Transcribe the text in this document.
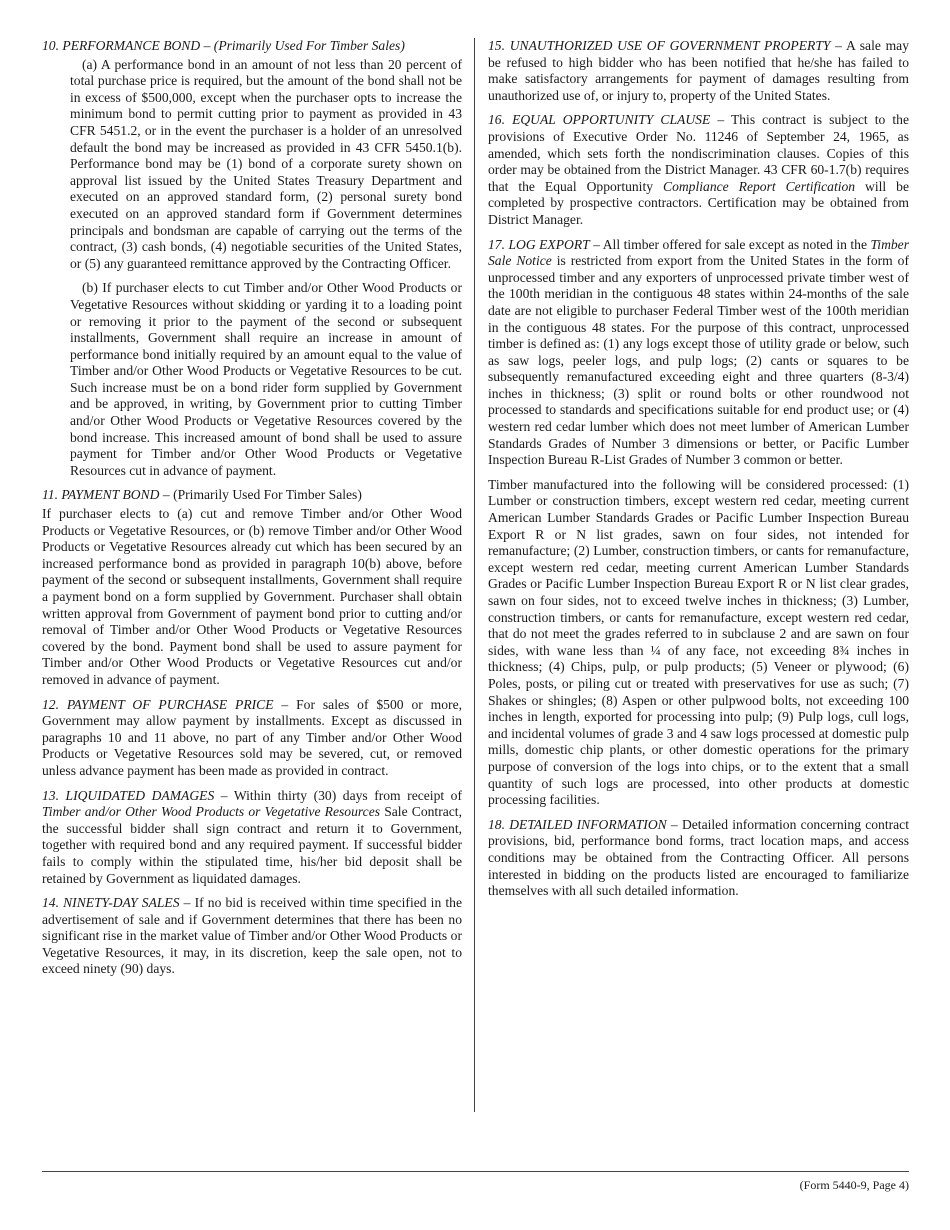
10. PERFORMANCE BOND – (Primarily Used For Timber Sales)

(a) A performance bond in an amount of not less than 20 percent of total purchase price is required, but the amount of the bond shall not be in excess of $500,000, except when the purchaser opts to increase the minimum bond to permit cutting prior to payment as provided in 43 CFR 5451.2, or in the event the purchaser is a holder of an unresolved default the bond may be increased as provided in 43 CFR 5450.1(b). Performance bond may be (1) bond of a corporate surety shown on approval list issued by the United States Treasury Department and executed on an approved standard form, (2) personal surety bond executed on an approved standard form if Government determines principals and bondsman are capable of carrying out the terms of the contract, (3) cash bonds, (4) negotiable securities of the United States, or (5) any guaranteed remittance approved by the Contracting Officer.

(b) If purchaser elects to cut Timber and/or Other Wood Products or Vegetative Resources without skidding or yarding it to a loading point or removing it prior to the payment of the second or subsequent installments, Government shall require an increase in amount of performance bond initially required by an amount equal to the value of Timber and/or Other Wood Products or Vegetative Resources to be cut. Such increase must be on a bond rider form supplied by Government and be approved, in writing, by Government prior to cutting Timber and/or Other Wood Products or Vegetative Resources covered by the bond increase. This increased amount of bond shall be used to assure payment for Timber and/or Other Wood Products or Vegetative Resources cut in advance of payment.

11. PAYMENT BOND – (Primarily Used For Timber Sales)

If purchaser elects to (a) cut and remove Timber and/or Other Wood Products or Vegetative Resources, or (b) remove Timber and/or Other Wood Products or Vegetative Resources already cut which has been secured by an increased performance bond as provided in paragraph 10(b) above, before payment of the second or subsequent installments, Government shall require a payment bond on a form supplied by Government. Purchaser shall obtain written approval from Government of payment bond prior to cutting and/or removal of Timber and/or Other Wood Products or Vegetative Resources covered by the bond. Payment bond shall be used to assure payment for Timber and/or Other Wood Products or Vegetative Resources cut and/or removed in advance of payment.

12. PAYMENT OF PURCHASE PRICE – For sales of $500 or more, Government may allow payment by installments. Except as discussed in paragraphs 10 and 11 above, no part of any Timber and/or Other Wood Products or Vegetative Resources sold may be severed, cut, or removed unless advance payment has been made as provided in contract.

13. LIQUIDATED DAMAGES – Within thirty (30) days from receipt of Timber and/or Other Wood Products or Vegetative Resources Sale Contract, the successful bidder shall sign contract and return it to Government, together with required bond and any required payment. If successful bidder fails to comply within the stipulated time, his/her bid deposit shall be retained by Government as liquidated damages.

14. NINETY-DAY SALES – If no bid is received within time specified in the advertisement of sale and if Government determines that there has been no significant rise in the market value of Timber and/or Other Wood Products or Vegetative Resources, it may, in its discretion, keep the sale open, not to exceed ninety (90) days.

15. UNAUTHORIZED USE OF GOVERNMENT PROPERTY – A sale may be refused to high bidder who has been notified that he/she has failed to make satisfactory arrangements for payment of damages resulting from unauthorized use of, or injury to, property of the United States.

16. EQUAL OPPORTUNITY CLAUSE – This contract is subject to the provisions of Executive Order No. 11246 of September 24, 1965, as amended, which sets forth the nondiscrimination clauses. Copies of this order may be obtained from the District Manager. 43 CFR 60-1.7(b) requires that the Equal Opportunity Compliance Report Certification will be completed by prospective contractors. Certification may be obtained from District Manager.

17. LOG EXPORT – All timber offered for sale except as noted in the Timber Sale Notice is restricted from export from the United States in the form of unprocessed timber and any exporters of unprocessed private timber west of the 100th meridian in the contiguous 48 states within 24-months of the sale date are not eligible to purchaser Federal Timber west of the 100th meridian in the contiguous 48 states. For the purpose of this contract, unprocessed timber is defined as: (1) any logs except those of utility grade or below, such as saw logs, peeler logs, and pulp logs; (2) cants or squares to be subsequently remanufactured exceeding eight and three quarters (8-3/4) inches in thickness; (3) split or round bolts or other roundwood not processed to standards and specifications suitable for end product use; or (4) western red cedar lumber which does not meet lumber of American Lumber Standards Grades of Number 3 dimensions or better, or Pacific Lumber Inspection Bureau R-List Grades of Number 3 common or better.

Timber manufactured into the following will be considered processed: (1) Lumber or construction timbers, except western red cedar, meeting current American Lumber Standards Grades or Pacific Lumber Inspection Bureau Export R or N list grades, sawn on four sides, not intended for remanufacture; (2) Lumber, construction timbers, or cants for remanufacture, except western red cedar, meeting current American Lumber Standards Grades or Pacific Lumber Inspection Bureau Export R or N list clear grades, sawn on four sides, not to exceed twelve inches in thickness; (3) Lumber, construction timbers, or cants for remanufacture, except western red cedar, that do not meet the grades referred to in subclause 2 and are sawn on four sides, with wane less than ¼ of any face, not exceeding 8¾ inches in thickness; (4) Chips, pulp, or pulp products; (5) Veneer or plywood; (6) Poles, posts, or piling cut or treated with preservatives for use as such; (7) Shakes or shingles; (8) Aspen or other pulpwood bolts, not exceeding 100 inches in length, exported for processing into pulp; (9) Pulp logs, cull logs, and incidental volumes of grade 3 and 4 saw logs processed at domestic pulp mills, domestic chip plants, or other domestic operations for the primary purpose of conversion of the logs into chips, or to the extent that a small quantity of such logs are processed, into other products at domestic processing facilities.

18. DETAILED INFORMATION – Detailed information concerning contract provisions, bid, performance bond forms, tract location maps, and access conditions may be obtained from the Contracting Officer. All persons interested in bidding on the products listed are encouraged to familiarize themselves with all such detailed information.

(Form 5440-9, Page 4)
